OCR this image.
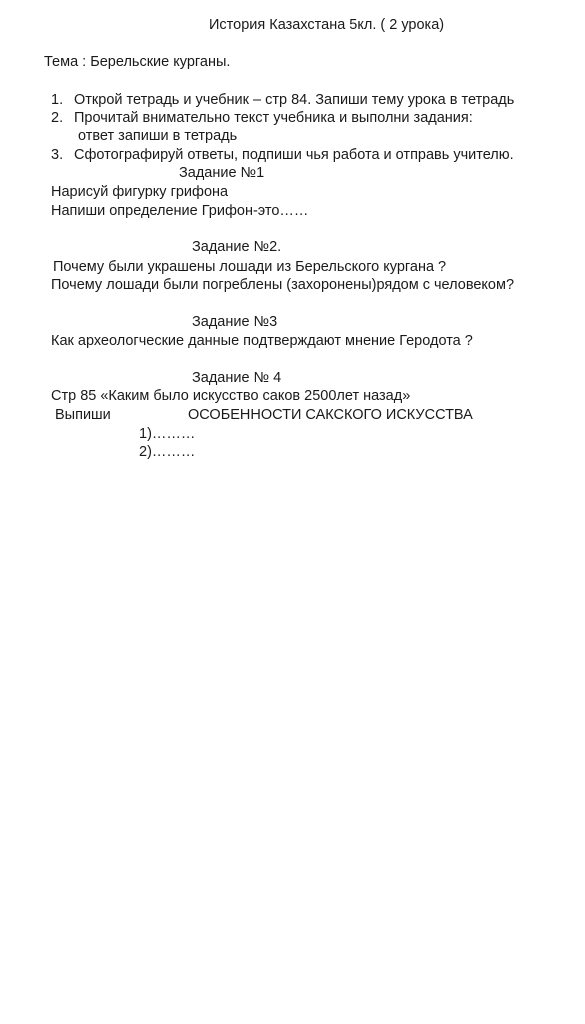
История Казахстана 5кл. ( 2 урока)
Тема : Берельские курганы.
1. Открой тетрадь и учебник – стр 84. Запиши тему урока в тетрадь
2. Прочитай внимательно текст учебника и выполни задания:
ответ запиши в тетрадь
3. Сфотографируй ответы, подпиши чья работа и отправь учителю.
Задание №1
Нарисуй фигурку грифона
Напиши определение Грифон-это……
Задание №2.
Почему были украшены лошади из Берельского кургана ?
Почему лошади были погреблены (захоронены)рядом с человеком?
Задание №3
Как археологческие данные подтверждают мнение Геродота ?
Задание № 4
Стр 85 «Каким было искусство саков 2500лет назад»
Выпиши	ОСОБЕННОСТИ САКСКОГО ИСКУССТВА
1)………
2)………
